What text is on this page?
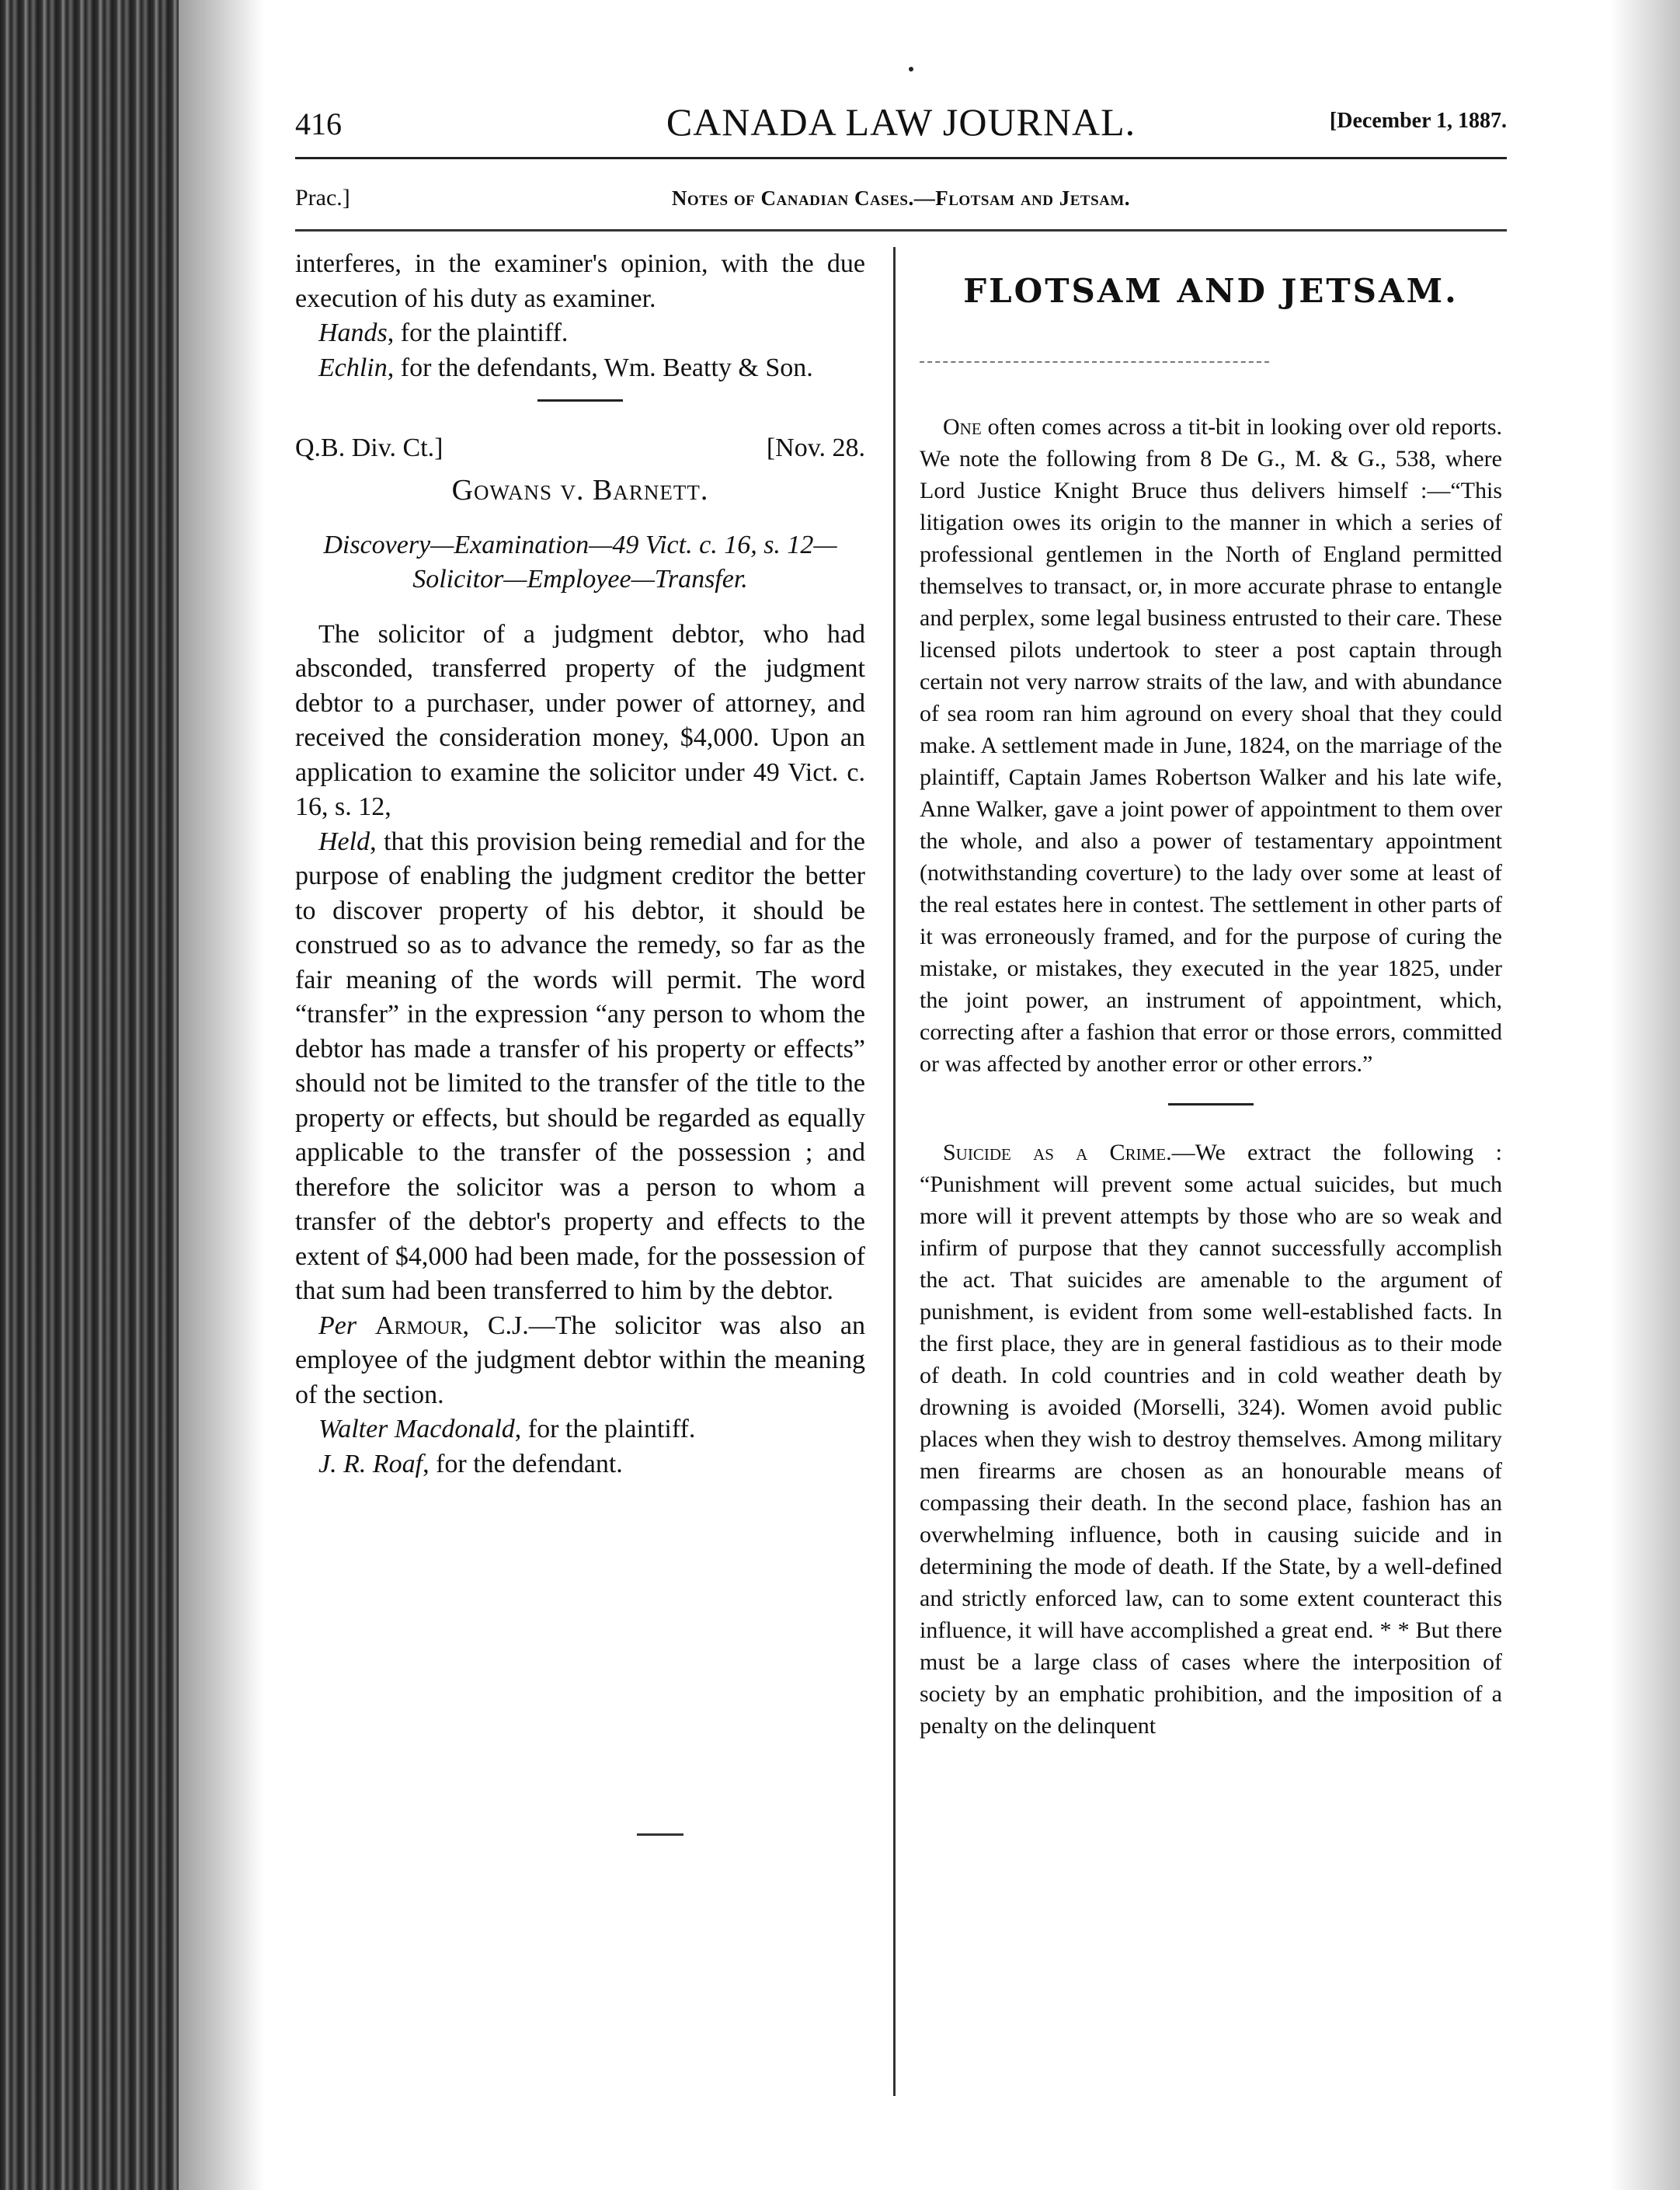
416	CANADA LAW JOURNAL.	[December 1, 1887.
Prac.]	Notes of Canadian Cases.—Flotsam and Jetsam.

interferes, in the examiner's opinion, with the due execution of his duty as examiner.

Hands, for the plaintiff.

Echlin, for the defendants, Wm. Beatty & Son.

Q.B. Div. Ct.]	[Nov. 28.
Gowans v. Barnett.
Discovery—Examination—49 Vict. c. 16, s. 12—
Solicitor—Employee—Transfer.

The solicitor of a judgment debtor, who had absconded, transferred property of the judgment debtor to a purchaser, under power of attorney, and received the consideration money, $4,000. Upon an application to examine the solicitor under 49 Vict. c. 16, s. 12,

Held, that this provision being remedial and for the purpose of enabling the judgment creditor the better to discover property of his debtor, it should be construed so as to advance the remedy, so far as the fair meaning of the words will permit. The word “transfer” in the expression “any person to whom the debtor has made a transfer of his property or effects” should not be limited to the transfer of the title to the property or effects, but should be regarded as equally applicable to the transfer of the possession ; and therefore the solicitor was a person to whom a transfer of the debtor's property and effects to the extent of $4,000 had been made, for the possession of that sum had been transferred to him by the debtor.

Per Armour, C.J.—The solicitor was also an employee of the judgment debtor within the meaning of the section.

Walter Macdonald, for the plaintiff.

J. R. Roaf, for the defendant.

FLOTSAM AND JETSAM.

One often comes across a tit-bit in looking over old reports. We note the following from 8 De G., M. & G., 538, where Lord Justice Knight Bruce thus delivers himself :—“This litigation owes its origin to the manner in which a series of professional gentlemen in the North of England permitted themselves to transact, or, in more accurate phrase to entangle and perplex, some legal business entrusted to their care. These licensed pilots undertook to steer a post captain through certain not very narrow straits of the law, and with abundance of sea room ran him aground on every shoal that they could make. A settlement made in June, 1824, on the marriage of the plaintiff, Captain James Robertson Walker and his late wife, Anne Walker, gave a joint power of appointment to them over the whole, and also a power of testamentary appointment (notwithstanding coverture) to the lady over some at least of the real estates here in contest. The settlement in other parts of it was erroneously framed, and for the purpose of curing the mistake, or mistakes, they executed in the year 1825, under the joint power, an instrument of appointment, which, correcting after a fashion that error or those errors, committed or was affected by another error or other errors.”

Suicide as a Crime.—We extract the following : “Punishment will prevent some actual suicides, but much more will it prevent attempts by those who are so weak and infirm of purpose that they cannot successfully accomplish the act. That suicides are amenable to the argument of punishment, is evident from some well-established facts. In the first place, they are in general fastidious as to their mode of death. In cold countries and in cold weather death by drowning is avoided (Morselli, 324). Women avoid public places when they wish to destroy themselves. Among military men firearms are chosen as an honourable means of compassing their death. In the second place, fashion has an overwhelming influence, both in causing suicide and in determining the mode of death. If the State, by a well-defined and strictly enforced law, can to some extent counteract this influence, it will have accomplished a great end. * * But there must be a large class of cases where the interposition of society by an emphatic prohibition, and the imposition of a penalty on the delinquent
